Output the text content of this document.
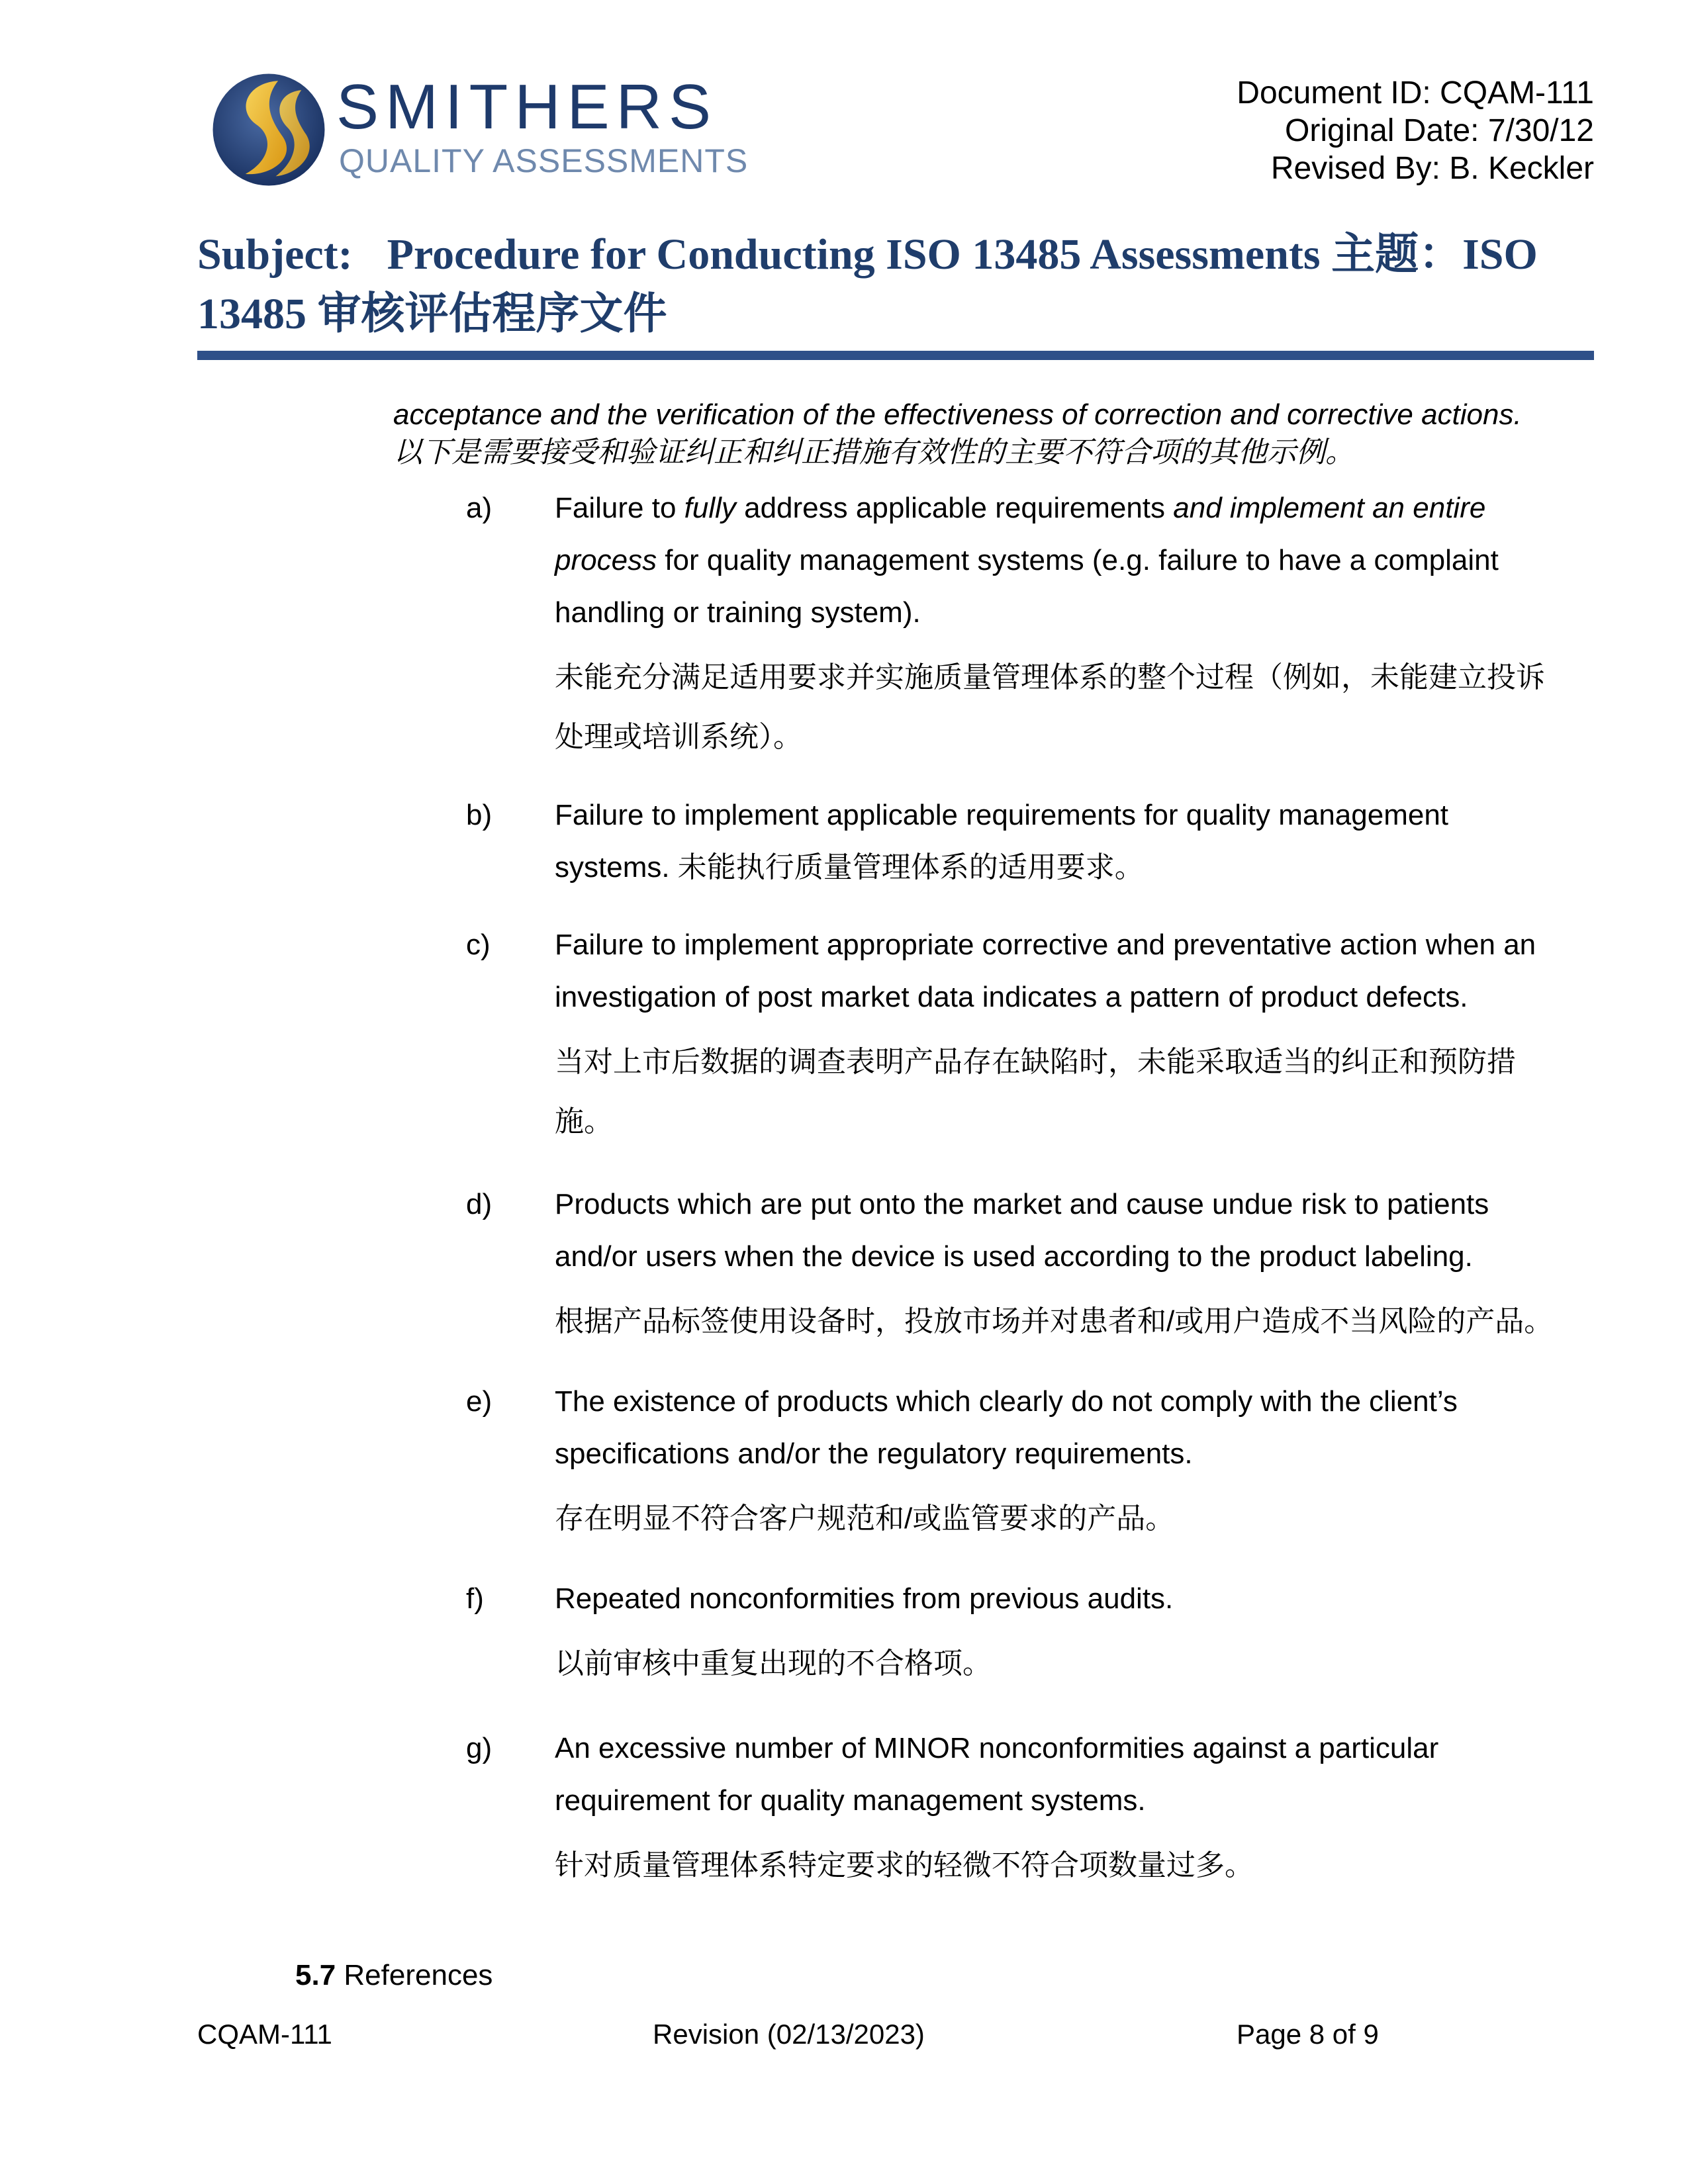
SMITHERS
QUALITY ASSESSMENTS
Document ID: CQAM-111
Original Date: 7/30/12
Revised By: B. Keckler
Subject: Procedure for Conducting ISO 13485 Assessments 主题：ISO
13485 审核评估程序文件
acceptance and the verification of the effectiveness of correction and corrective actions.
以下是需要接受和验证纠正和纠正措施有效性的主要不符合项的其他示例。
a) Failure to fully address applicable requirements and implement an entire
process for quality management systems (e.g. failure to have a complaint
handling or training system).
未能充分满足适用要求并实施质量管理体系的整个过程（例如，未能建立投诉
处理或培训系统）。
b) Failure to implement applicable requirements for quality management
systems. 未能执行质量管理体系的适用要求。
c) Failure to implement appropriate corrective and preventative action when an
investigation of post market data indicates a pattern of product defects.
当对上市后数据的调查表明产品存在缺陷时，未能采取适当的纠正和预防措
施。
d) Products which are put onto the market and cause undue risk to patients
and/or users when the device is used according to the product labeling.
根据产品标签使用设备时，投放市场并对患者和/或用户造成不当风险的产品。
e) The existence of products which clearly do not comply with the client’s
specifications and/or the regulatory requirements.
存在明显不符合客户规范和/或监管要求的产品。
f) Repeated nonconformities from previous audits.
以前审核中重复出现的不合格项。
g) An excessive number of MINOR nonconformities against a particular
requirement for quality management systems.
针对质量管理体系特定要求的轻微不符合项数量过多。
5.7 References
CQAM-111	Revision (02/13/2023)	Page 8 of 9
